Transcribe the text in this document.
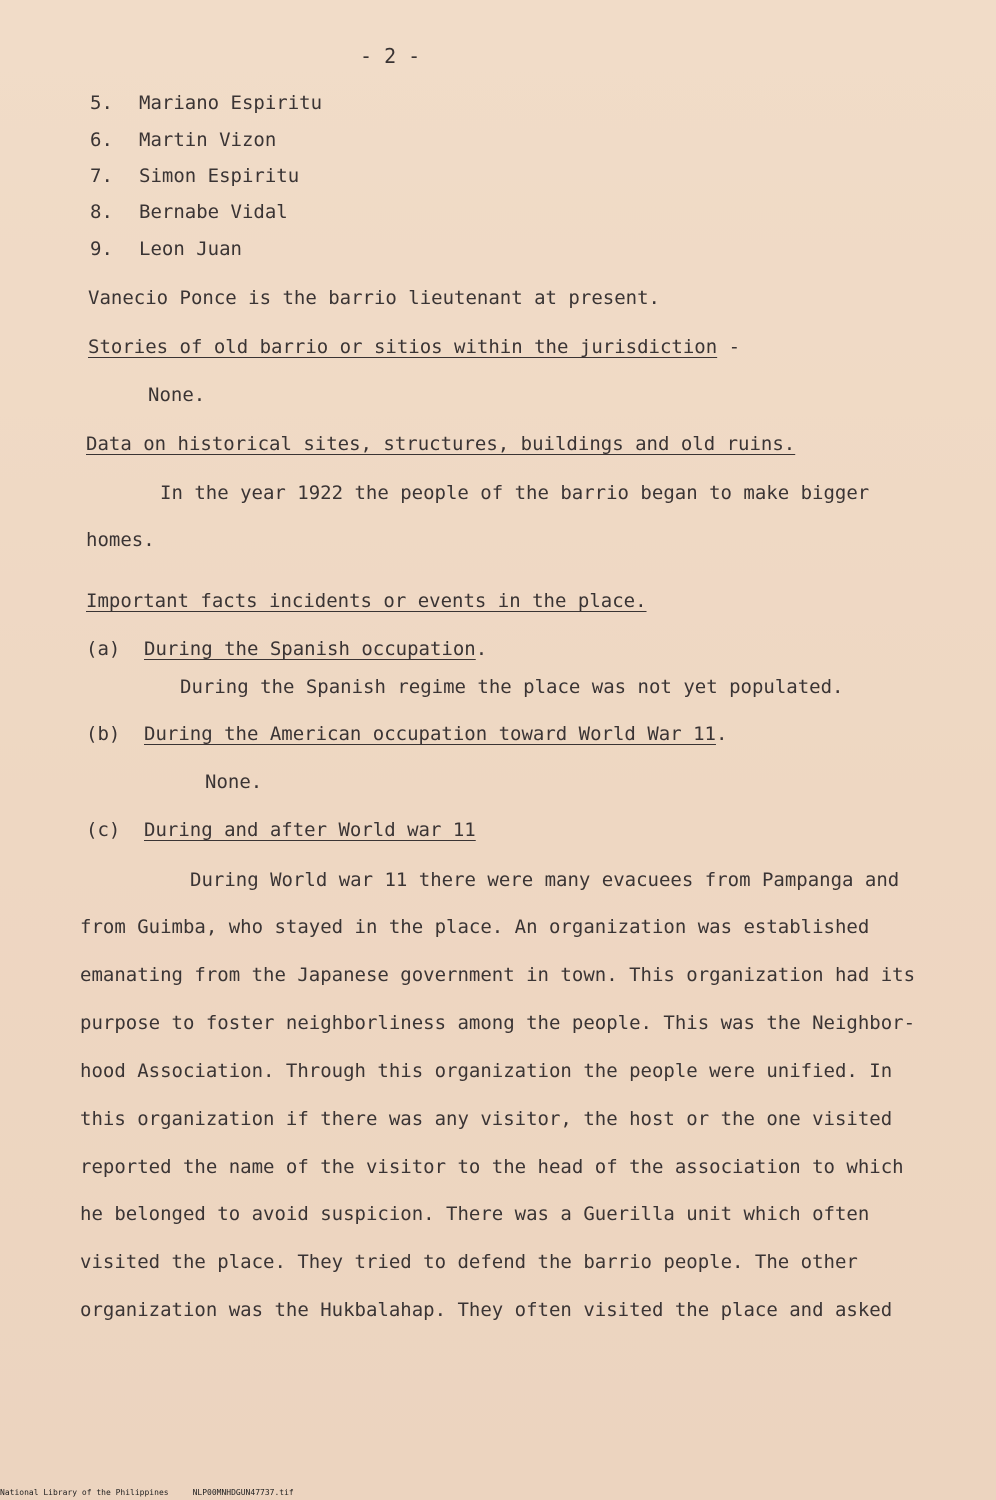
- 2 -
5. Mariano Espiritu
6. Martin Vizon
7. Simon Espiritu
8. Bernabe Vidal
9. Leon Juan
Vanecio Ponce is the barrio lieutenant at present.
Stories of old barrio or sitios within the jurisdiction -
None.
Data on historical sites, structures, buildings and old ruins.
In the year 1922 the people of the barrio began to make bigger
homes.
Important facts incidents or events in the place.
(a) During the Spanish occupation.
During the Spanish regime the place was not yet populated.
(b) During the American occupation toward World War 11.
None.
(c) During and after World war 11
During World war 11 there were many evacuees from Pampanga and
from Guimba, who stayed in the place. An organization was established
emanating from the Japanese government in town. This organization had its
purpose to foster neighborliness among the people. This was the Neighbor-
hood Association. Through this organization the people were unified. In
this organization if there was any visitor, the host or the one visited
reported the name of the visitor to the head of the association to which
he belonged to avoid suspicion. There was a Guerilla unit which often
visited the place. They tried to defend the barrio people. The other
organization was the Hukbalahap. They often visited the place and asked
National Library of the Philippines	NLP00MNHDGUN47737.tif
